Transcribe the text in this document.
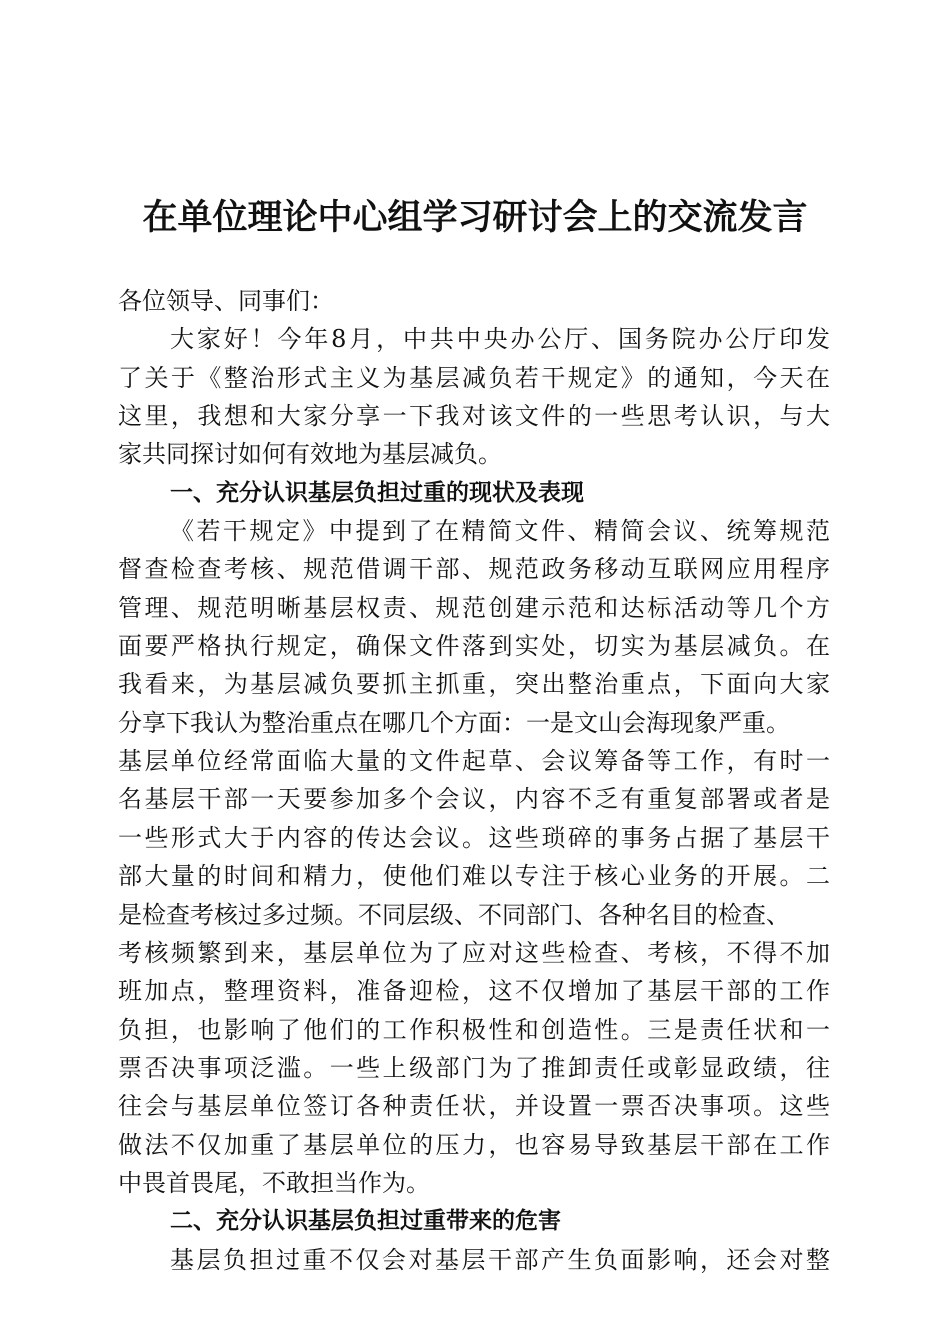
在单位理论中心组学习研讨会上的交流发言
各位领导、同事们：
大家好！今年8月，中共中央办公厅、国务院办公厅印发
了关于《整治形式主义为基层减负若干规定》的通知，今天在
这里，我想和大家分享一下我对该文件的一些思考认识，与大
家共同探讨如何有效地为基层减负。
一、充分认识基层负担过重的现状及表现
《若干规定》中提到了在精简文件、精简会议、统筹规范
督查检查考核、规范借调干部、规范政务移动互联网应用程序
管理、规范明晰基层权责、规范创建示范和达标活动等几个方
面要严格执行规定，确保文件落到实处，切实为基层减负。在
我看来，为基层减负要抓主抓重，突出整治重点，下面向大家
分享下我认为整治重点在哪几个方面：一是文山会海现象严重。
基层单位经常面临大量的文件起草、会议筹备等工作，有时一
名基层干部一天要参加多个会议，内容不乏有重复部署或者是
一些形式大于内容的传达会议。这些琐碎的事务占据了基层干
部大量的时间和精力，使他们难以专注于核心业务的开展。二
是检查考核过多过频。不同层级、不同部门、各种名目的检查、
考核频繁到来，基层单位为了应对这些检查、考核，不得不加
班加点，整理资料，准备迎检，这不仅增加了基层干部的工作
负担，也影响了他们的工作积极性和创造性。三是责任状和一
票否决事项泛滥。一些上级部门为了推卸责任或彰显政绩，往
往会与基层单位签订各种责任状，并设置一票否决事项。这些
做法不仅加重了基层单位的压力，也容易导致基层干部在工作
中畏首畏尾，不敢担当作为。
二、充分认识基层负担过重带来的危害
基层负担过重不仅会对基层干部产生负面影响，还会对整
